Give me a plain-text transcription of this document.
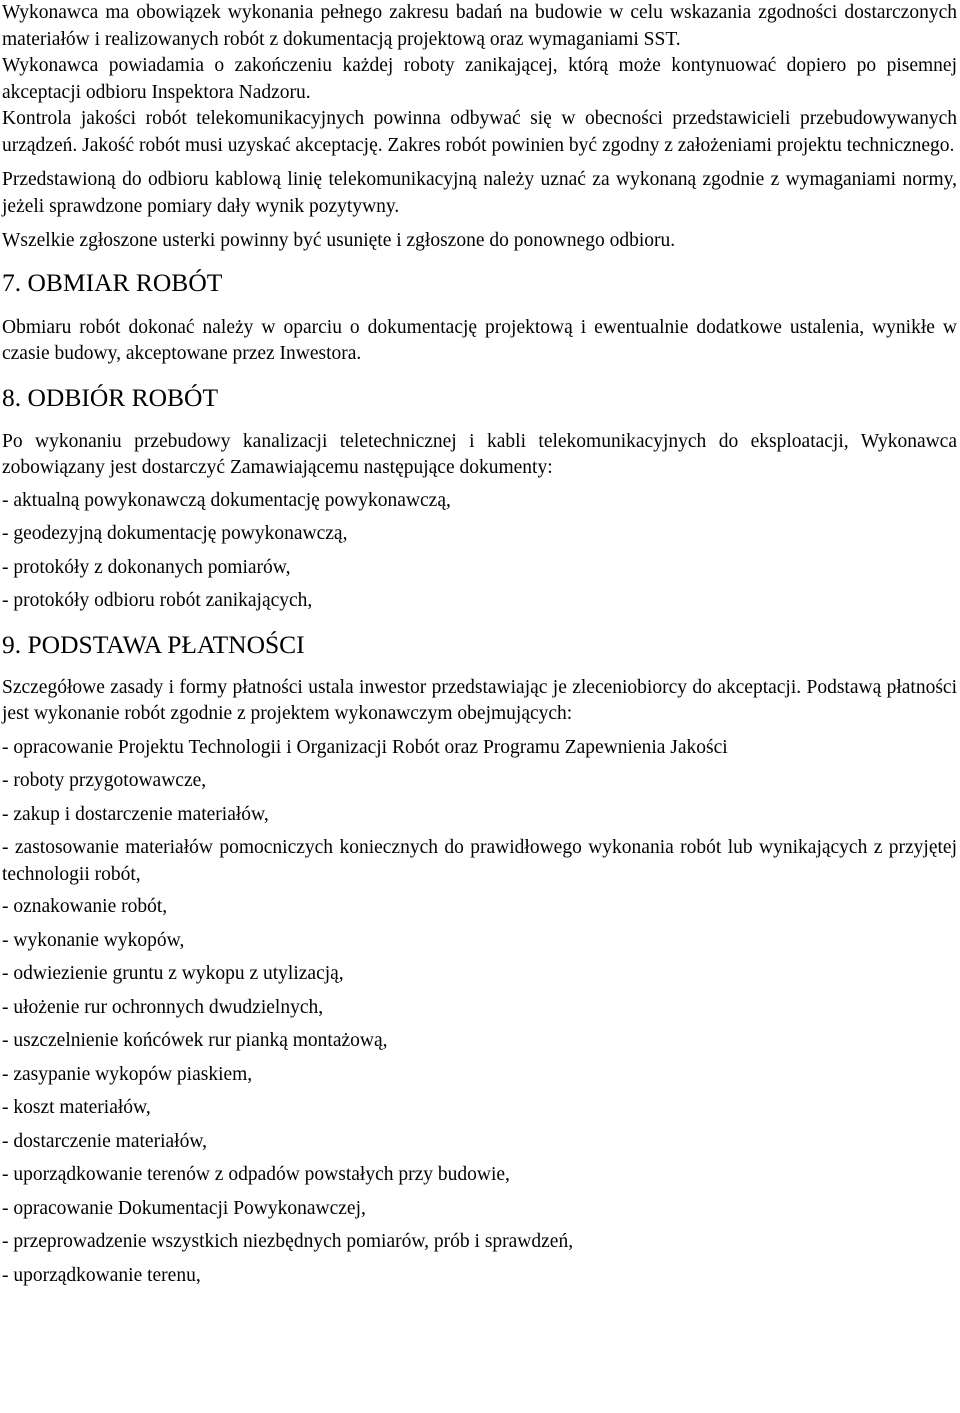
Wykonawca ma obowiązek wykonania pełnego zakresu badań na budowie w celu wskazania zgodności dostarczonych materiałów i realizowanych robót z dokumentacją projektową oraz wymaganiami SST.

Wykonawca powiadamia o zakończeniu każdej roboty zanikającej, którą może kontynuować dopiero po pisemnej akceptacji odbioru Inspektora Nadzoru.

Kontrola jakości robót telekomunikacyjnych powinna odbywać się w obecności przedstawicieli przebudowywanych urządzeń. Jakość robót musi uzyskać akceptację. Zakres robót powinien być zgodny z założeniami projektu technicznego.

Przedstawioną do odbioru kablową linię telekomunikacyjną należy uznać za wykonaną zgodnie z wymaganiami normy, jeżeli sprawdzone pomiary dały wynik pozytywny.

Wszelkie zgłoszone usterki powinny być usunięte i zgłoszone do ponownego odbioru.

7. OBMIAR ROBÓT

Obmiaru robót dokonać należy w oparciu o dokumentację projektową i ewentualnie dodatkowe ustalenia, wynikłe w czasie budowy, akceptowane przez Inwestora.

8. ODBIÓR ROBÓT

Po wykonaniu przebudowy kanalizacji teletechnicznej i kabli telekomunikacyjnych do eksploatacji, Wykonawca zobowiązany jest dostarczyć Zamawiającemu następujące dokumenty:

- aktualną powykonawczą dokumentację powykonawczą,

- geodezyjną dokumentację powykonawczą,

- protokóły z dokonanych pomiarów,

- protokóły odbioru robót zanikających,

9. PODSTAWA PŁATNOŚCI

Szczegółowe zasady i formy płatności ustala inwestor przedstawiając je zleceniobiorcy do akceptacji. Podstawą płatności jest wykonanie robót zgodnie z projektem wykonawczym obejmujących:

- opracowanie Projektu Technologii i Organizacji Robót oraz Programu Zapewnienia Jakości

- roboty przygotowawcze,

- zakup i dostarczenie materiałów,

- zastosowanie materiałów pomocniczych koniecznych do prawidłowego wykonania robót lub wynikających z przyjętej technologii robót,

- oznakowanie robót,

- wykonanie wykopów,

- odwiezienie gruntu z wykopu z utylizacją,

- ułożenie rur ochronnych dwudzielnych,

- uszczelnienie końcówek rur pianką montażową,

- zasypanie wykopów piaskiem,

- koszt materiałów,

- dostarczenie materiałów,

- uporządkowanie terenów z odpadów powstałych przy budowie,

- opracowanie Dokumentacji Powykonawczej,

- przeprowadzenie wszystkich niezbędnych pomiarów, prób i sprawdzeń,

- uporządkowanie terenu,
